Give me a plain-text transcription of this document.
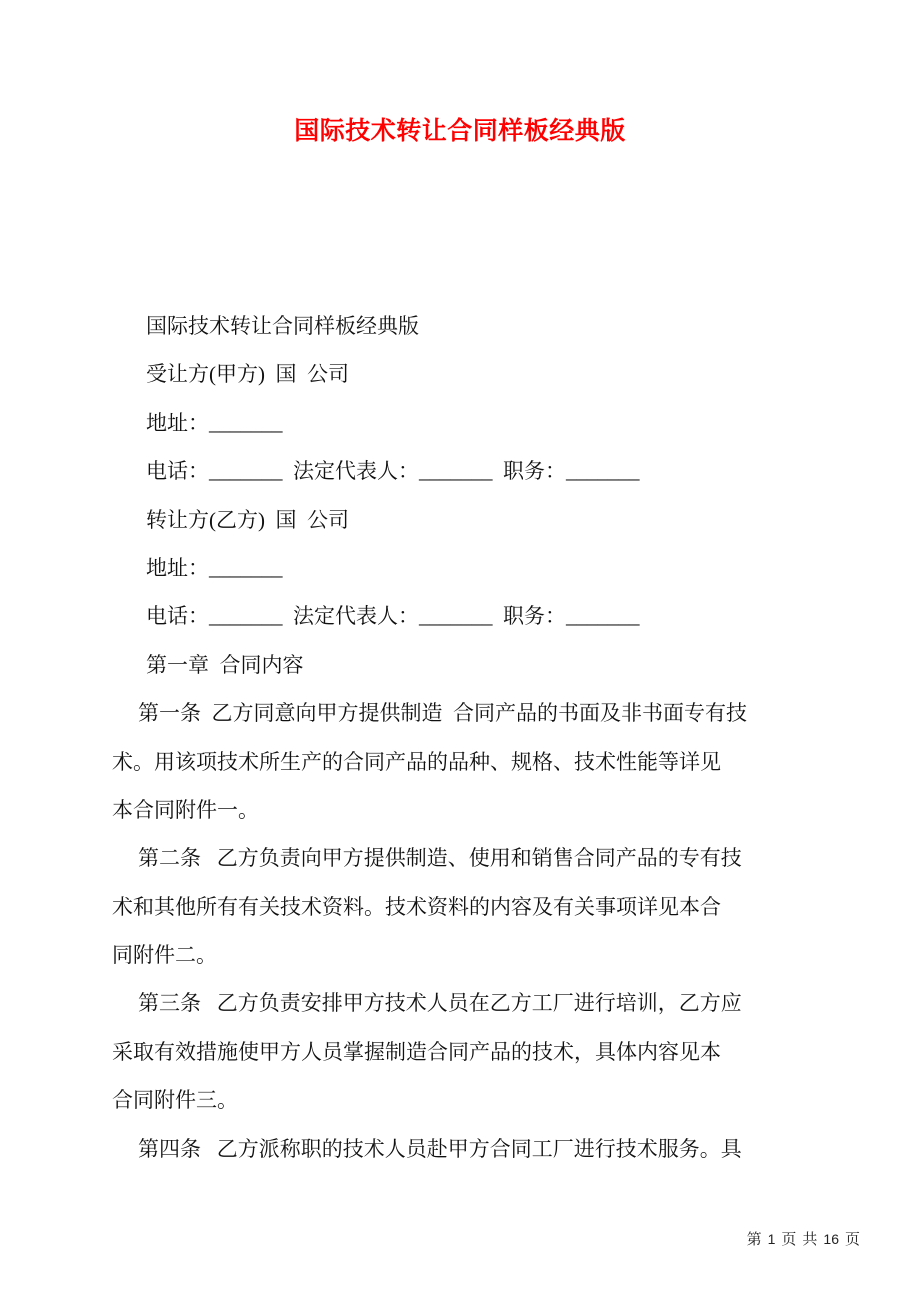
国际技术转让合同样板经典版
国际技术转让合同样板经典版
受让方(甲方)  国  公司
地址：_______
电话：_______  法定代表人：_______  职务：_______
转让方(乙方)  国  公司
地址：_______
电话：_______  法定代表人：_______  职务：_______
第一章  合同内容
第一条  乙方同意向甲方提供制造  合同产品的书面及非书面专有技
术。用该项技术所生产的合同产品的品种、规格、技术性能等详见
本合同附件一。
第二条   乙方负责向甲方提供制造、使用和销售合同产品的专有技
术和其他所有有关技术资料。技术资料的内容及有关事项详见本合
同附件二。
第三条   乙方负责安排甲方技术人员在乙方工厂进行培训，乙方应
采取有效措施使甲方人员掌握制造合同产品的技术，具体内容见本
合同附件三。
第四条   乙方派称职的技术人员赴甲方合同工厂进行技术服务。具

第 1 页 共 16 页
